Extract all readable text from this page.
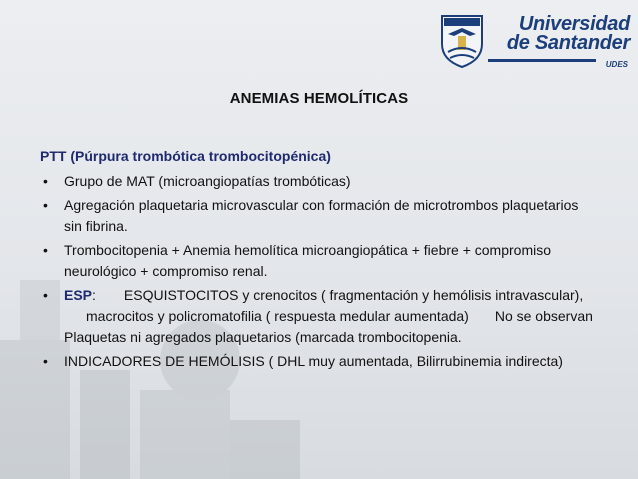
Universidad
de Santander
UDES
ANEMIAS HEMOLÍTICAS
PTT (Púrpura trombótica trombocitopénica)
• Grupo de MAT (microangiopatías trombóticas)
• Agregación plaquetaria microvascular con formación de microtrombos plaquetarios sin fibrina.
• Trombocitopenia + Anemia hemolítica microangiopática + fiebre + compromiso neurológico + compromiso renal.
• ESP: ESQUISTOCITOS y crenocitos ( fragmentación y hemólisis intravascular),macrocitos y policromatofilia ( respuesta medular aumentada) No se observan Plaquetas ni agregados plaquetarios (marcada trombocitopenia.
• INDICADORES DE HEMÓLISIS ( DHL muy aumentada, Bilirrubinemia indirecta)
